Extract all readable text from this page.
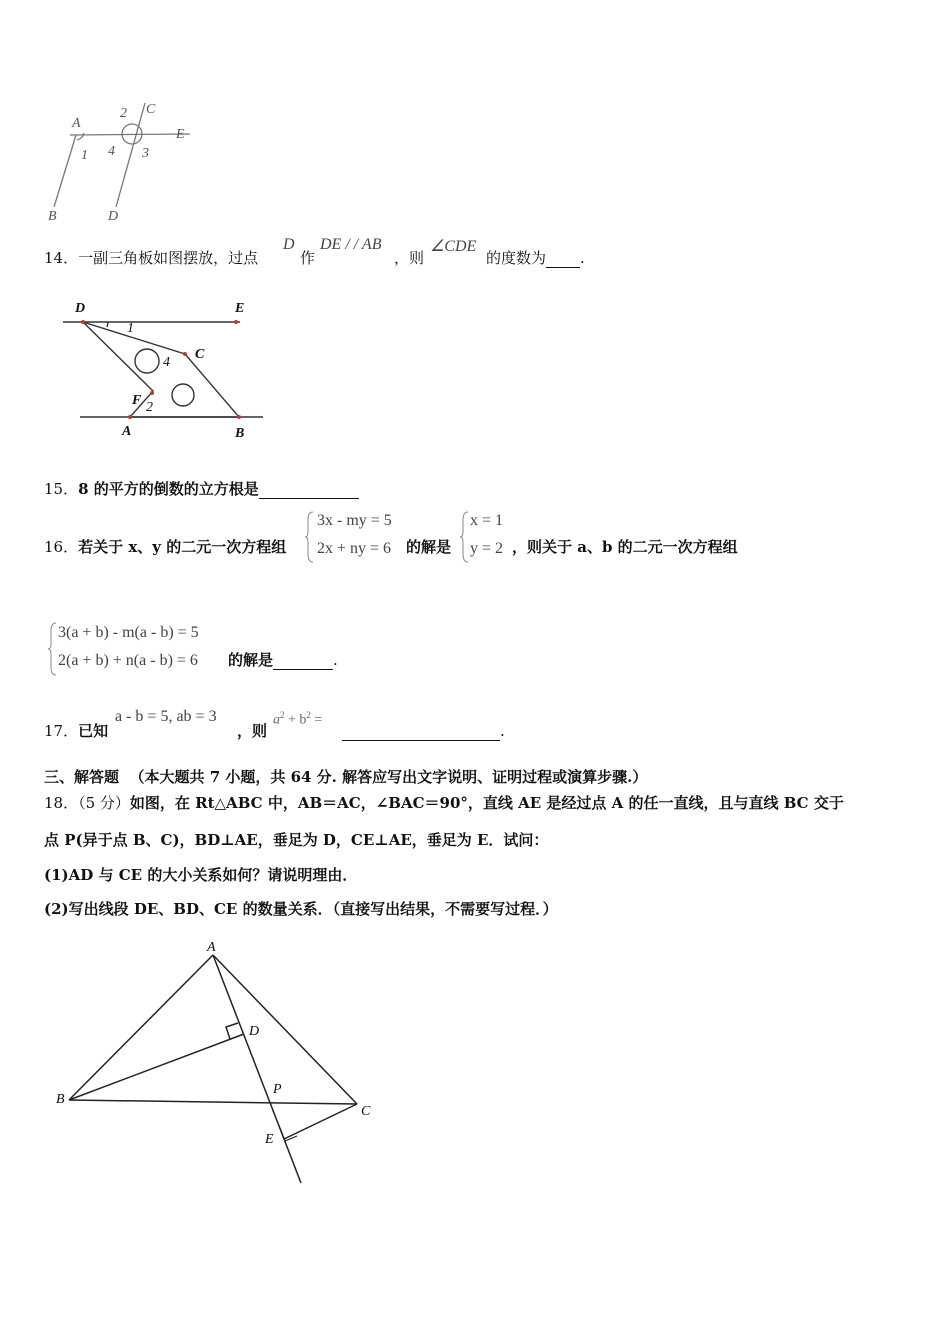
A
B
C
D
E
1
2
3
4
14．一副三角板如图摆放，过点
D
作
DE / / AB
，则
∠CDE
的度数为 .
D	E
C
F
A	B
1
2
4
15．8 的平方的倒数的立方根是
16．若关于 x、y 的二元一次方程组
3x - my = 5
2x + ny = 6 的解是
x = 1
y = 2 ，则关于 a、b 的二元一次方程组
3(a + b) - m(a - b) = 5
2(a + b) + n(a - b) = 6 的解是	.
17．已知
a - b = 5, ab = 3
，则
$a^2 + b^2$ =
.
三、解答题 （本大题共 7 小题，共 64 分. 解答应写出文字说明、证明过程或演算步骤.）
18．（5 分）如图，在 Rt△ABC 中，AB＝AC，∠BAC＝90°，直线 AE 是经过点 A 的任一直线，且与直线 BC 交于
点 P(异于点 B、C)，BD⊥AE，垂足为 D，CE⊥AE，垂足为 E．试问：
(1)AD 与 CE 的大小关系如何？请说明理由．
(2)写出线段 DE、BD、CE 的数量关系．（直接写出结果，不需要写过程．）
A
B
C
D
E
P
